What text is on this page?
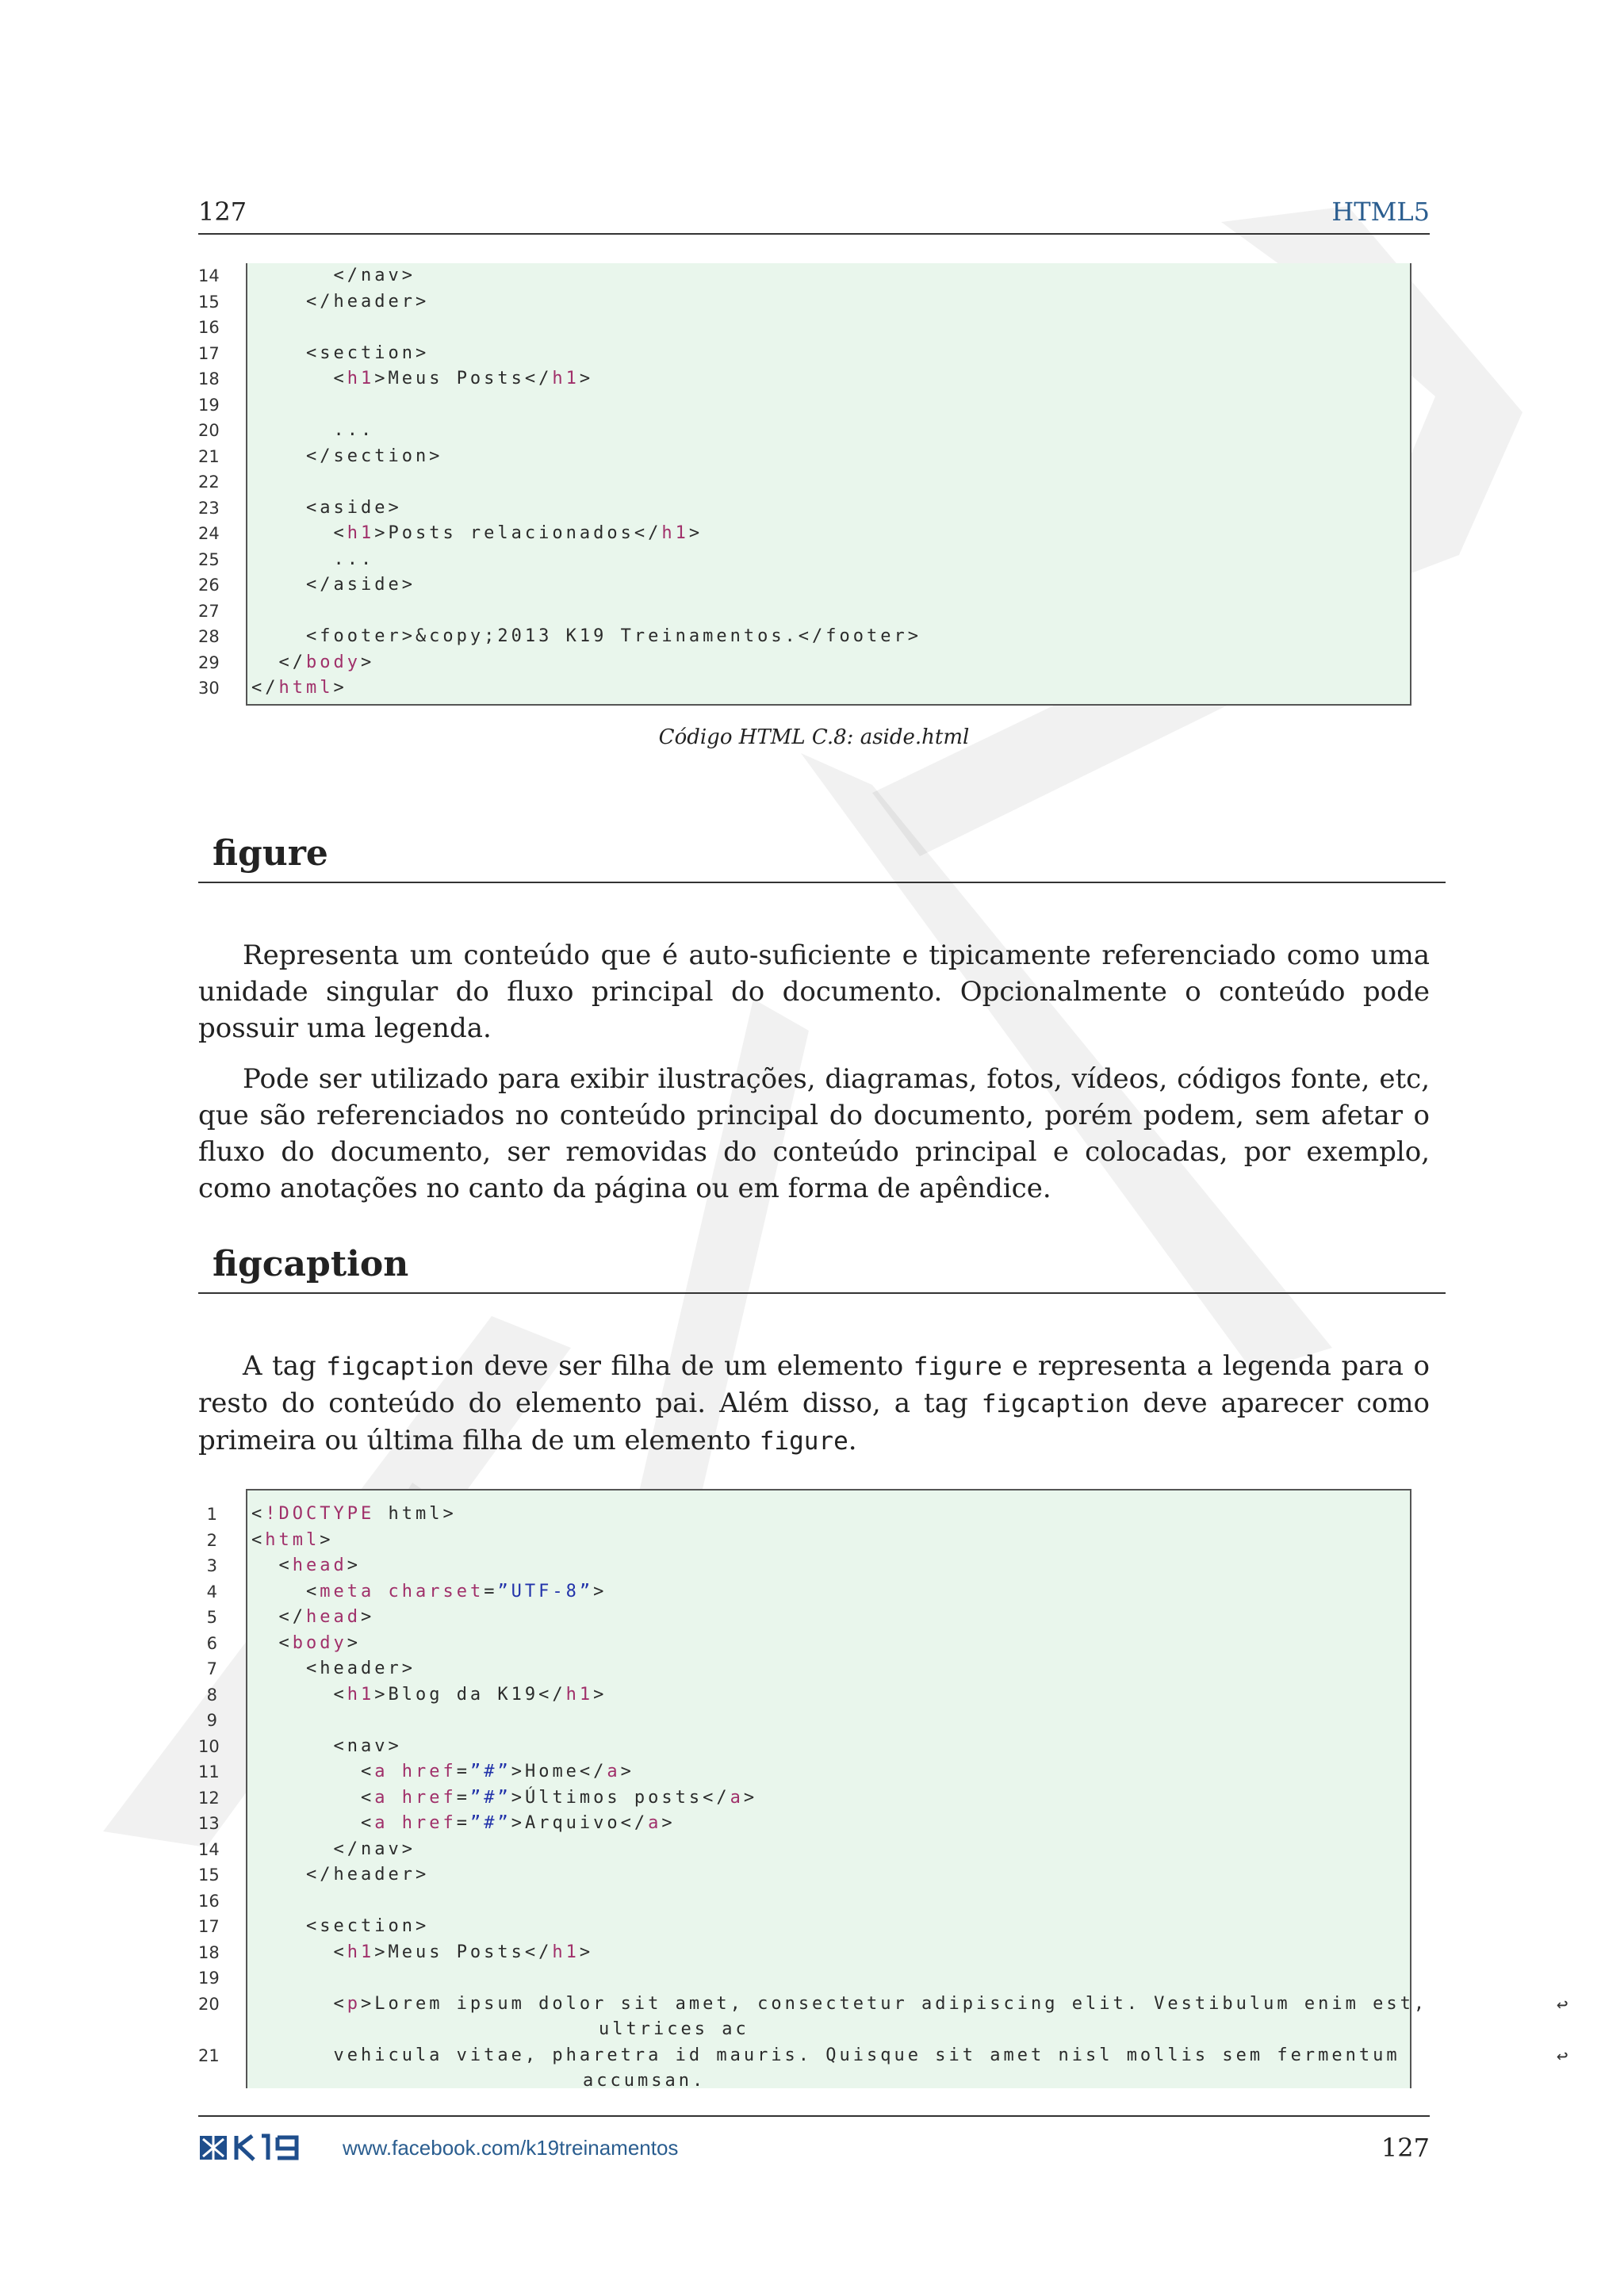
127	HTML5
14 </nav>
15 </header>
16
17 <section>
18 <h1>Meus Posts</h1>
19
20 ...
21 </section>
22
23 <aside>
24 <h1>Posts relacionados</h1>
25 ...
26 </aside>
27
28 <footer>&copy;2013 K19 Treinamentos.</footer>
29 </body>
30 </html>
Código HTML C.8: aside.html
figure

Representa um conteúdo que é auto-suficiente e tipicamente referenciado como uma unidade singular do fluxo principal do documento. Opcionalmente o conteúdo pode possuir uma legenda.

Pode ser utilizado para exibir ilustrações, diagramas, fotos, vídeos, códigos fonte, etc, que são referenciados no conteúdo principal do documento, porém podem, sem afetar o fluxo do documento, ser removidas do conteúdo principal e colocadas, por exemplo, como anotações no canto da página ou em forma de apêndice.

figcaption

A tag figcaption deve ser filha de um elemento figure e representa a legenda para o resto do conteúdo do elemento pai. Além disso, a tag figcaption deve aparecer como primeira ou última filha de um elemento figure.

1 <!DOCTYPE html>
2 <html>
3 <head>
4 <meta charset=”UTF-8”>
5 </head>
6 <body>
7 <header>
8 <h1>Blog da K19</h1>
9
10 <nav>
11 <a href=”#”>Home</a>
12 <a href=”#”>Últimos posts</a>
13 <a href=”#”>Arquivo</a>
14 </nav>
15 </header>
16
17 <section>
18 <h1>Meus Posts</h1>
19
20 <p>Lorem ipsum dolor sit amet, consectetur adipiscing elit. Vestibulum enim est,	↩
ultrices ac
21 vehicula vitae, pharetra id mauris. Quisque sit amet nisl mollis sem fermentum	↩
accumsan.
www.facebook.com/k19treinamentos	127
